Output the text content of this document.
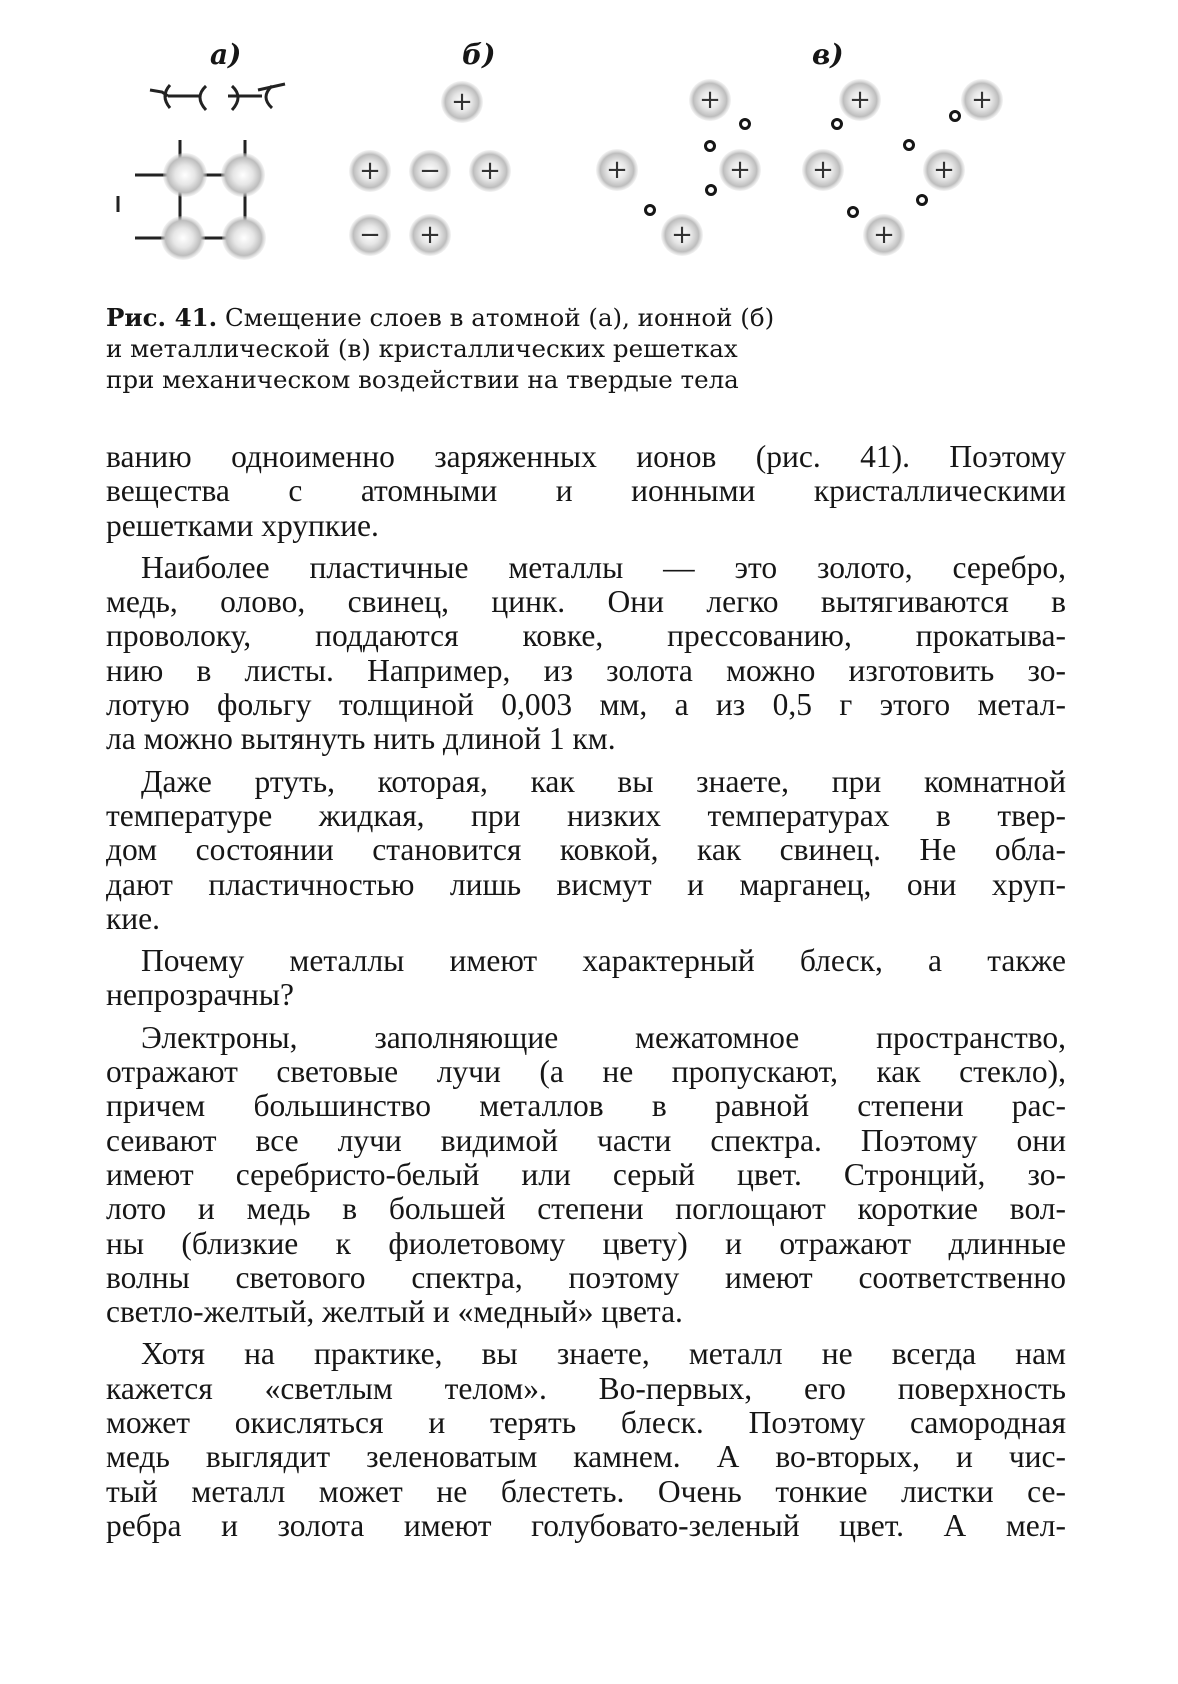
а)	б)	в)
+
+ − +
− +
+
+	+
+
+	+
+	+
+
Рис. 41. Смещение слоев в атомной (а), ионной (б)
и металлической (в) кристаллических решетках
при механическом воздействии на твердые тела
ванию одноименно заряженных ионов (рис. 41). Поэтому
вещества с атомными и ионными кристаллическими
решетками хрупкие.
Наиболее пластичные металлы — это золото, серебро,
медь, олово, свинец, цинк. Они легко вытягиваются в
проволоку, поддаются ковке, прессованию, прокатыва-
нию в листы. Например, из золота можно изготовить зо-
лотую фольгу толщиной 0,003 мм, а из 0,5 г этого метал-
ла можно вытянуть нить длиной 1 км.
Даже ртуть, которая, как вы знаете, при комнатной
температуре жидкая, при низких температурах в твер-
дом состоянии становится ковкой, как свинец. Не обла-
дают пластичностью лишь висмут и марганец, они хруп-
кие.
Почему металлы имеют характерный блеск, а также
непрозрачны?
Электроны, заполняющие межатомное пространство,
отражают световые лучи (а не пропускают, как стекло),
причем большинство металлов в равной степени рас-
сеивают все лучи видимой части спектра. Поэтому они
имеют серебристо-белый или серый цвет. Стронций, зо-
лото и медь в большей степени поглощают короткие вол-
ны (близкие к фиолетовому цвету) и отражают длинные
волны светового спектра, поэтому имеют соответственно
светло-желтый, желтый и «медный» цвета.
Хотя на практике, вы знаете, металл не всегда нам
кажется «светлым телом». Во-первых, его поверхность
может окисляться и терять блеск. Поэтому самородная
медь выглядит зеленоватым камнем. А во-вторых, и чис-
тый металл может не блестеть. Очень тонкие листки се-
ребра и золота имеют голубовато-зеленый цвет. А мел-
